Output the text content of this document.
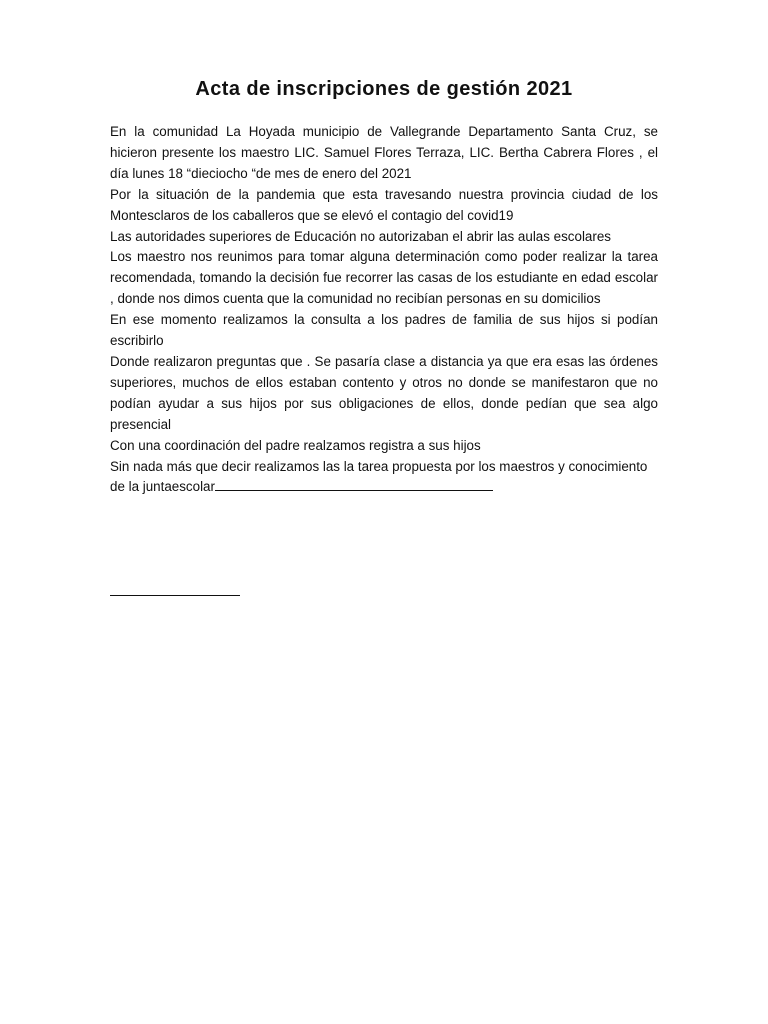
Acta de inscripciones de gestión 2021

En la comunidad La Hoyada municipio de Vallegrande Departamento Santa Cruz, se hicieron presente los maestro LIC. Samuel Flores Terraza, LIC. Bertha Cabrera Flores , el día lunes 18 “dieciocho “de mes de enero del 2021

Por la situación de la pandemia que esta travesando nuestra provincia ciudad de los Montesclaros de los caballeros que se elevó el contagio del covid19

Las autoridades superiores de Educación no autorizaban el abrir las aulas escolares

Los maestro nos reunimos para tomar alguna determinación como poder realizar la tarea recomendada, tomando la decisión fue recorrer las casas de los estudiante en edad escolar , donde nos dimos cuenta que la comunidad no recibían personas en su domicilios

En ese momento realizamos la consulta a los padres de familia de sus hijos si podían escribirlo

Donde realizaron preguntas que . Se pasaría clase a distancia ya que era esas las órdenes superiores, muchos de ellos estaban contento y otros no donde se manifestaron que no podían ayudar a sus hijos por sus obligaciones de ellos, donde pedían que sea algo presencial

Con una coordinación del padre realzamos registra a sus hijos

Sin nada más que decir realizamos las la tarea propuesta por los maestros y conocimiento de la juntaescolar
